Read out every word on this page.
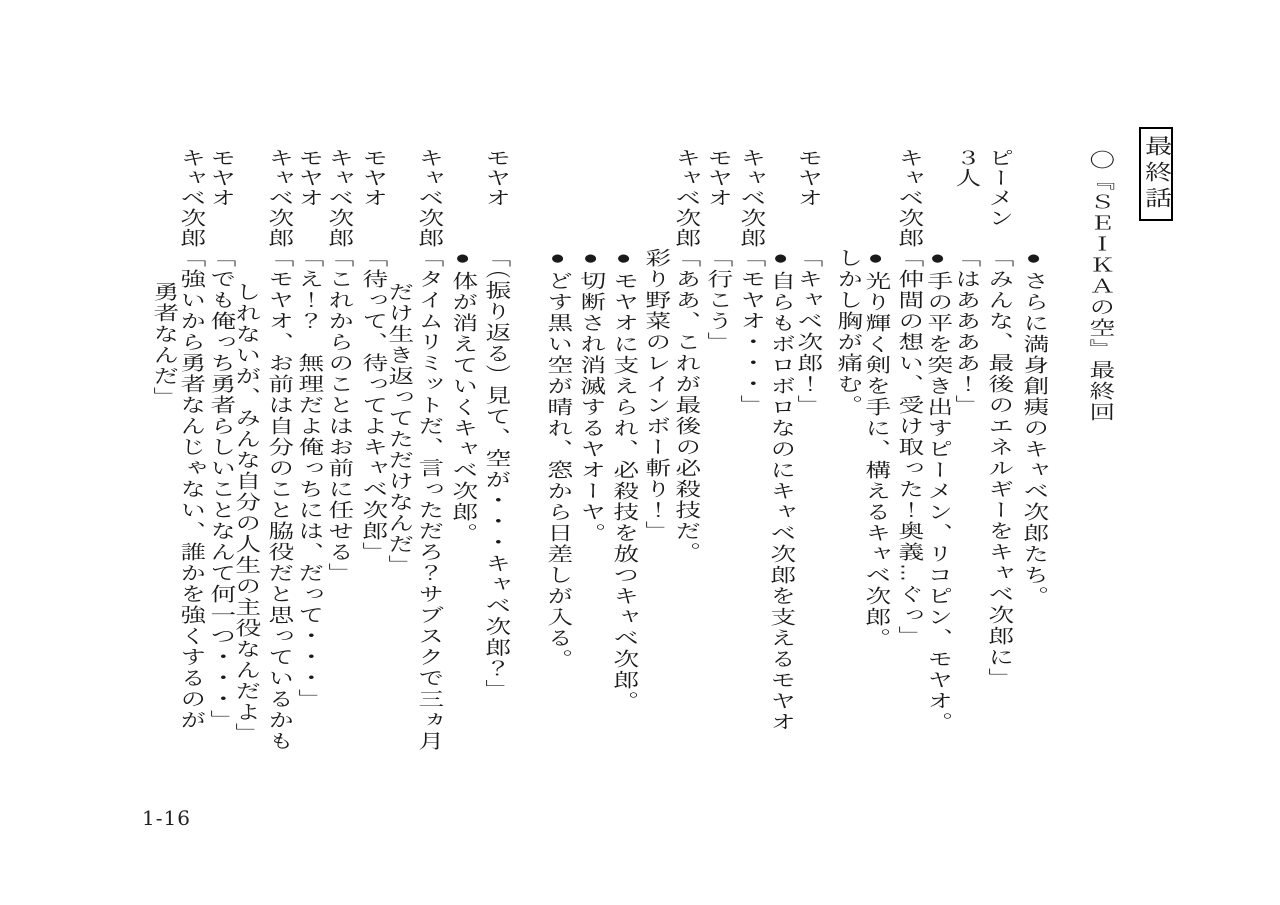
最終話
〇『ＳＥＩＫＡの空』最終回
●さらに満身創痍のキャベ次郎たち。
ピーメン
「みんな、最後のエネルギーをキャベ次郎に」
３人
「はああああ！」
●手の平を突き出すピーメン、リコピン、モヤオ。
キャベ次郎
「仲間の想い、受け取った！奥義…ぐっ」
●光り輝く剣を手に、構えるキャベ次郎。
しかし胸が痛む。
モヤオ
「キャベ次郎！」
●自らもボロボロなのにキャベ次郎を支えるモヤオ
キャベ次郎
「モヤオ・・・」
モヤオ
「行こう」
キャベ次郎
「ああ、これが最後の必殺技だ。
彩り野菜のレインボー斬り！」
●モヤオに支えられ、必殺技を放つキャベ次郎。
●切断され消滅するヤオーヤ。
●どす黒い空が晴れ、窓から日差しが入る。
モヤオ
「（振り返る）見て、空が・・・キャベ次郎？」
●体が消えていくキャベ次郎。
キャベ次郎
「タイムリミットだ、言っただろ？サブスクで三ヵ月
だけ生き返ってただけなんだ」
モヤオ
「待って、待ってよキャベ次郎」
キャベ次郎
「これからのことはお前に任せる」
モヤオ
「え！？　無理だよ俺っちには、だって・・・」
キャベ次郎
「モヤオ、お前は自分のこと脇役だと思っているかも
しれないが、みんな自分の人生の主役なんだよ」
モヤオ
「でも俺っち勇者らしいことなんて何一つ・・・」
キャベ次郎
「強いから勇者なんじゃない、誰かを強くするのが
勇者なんだ」
1-16
